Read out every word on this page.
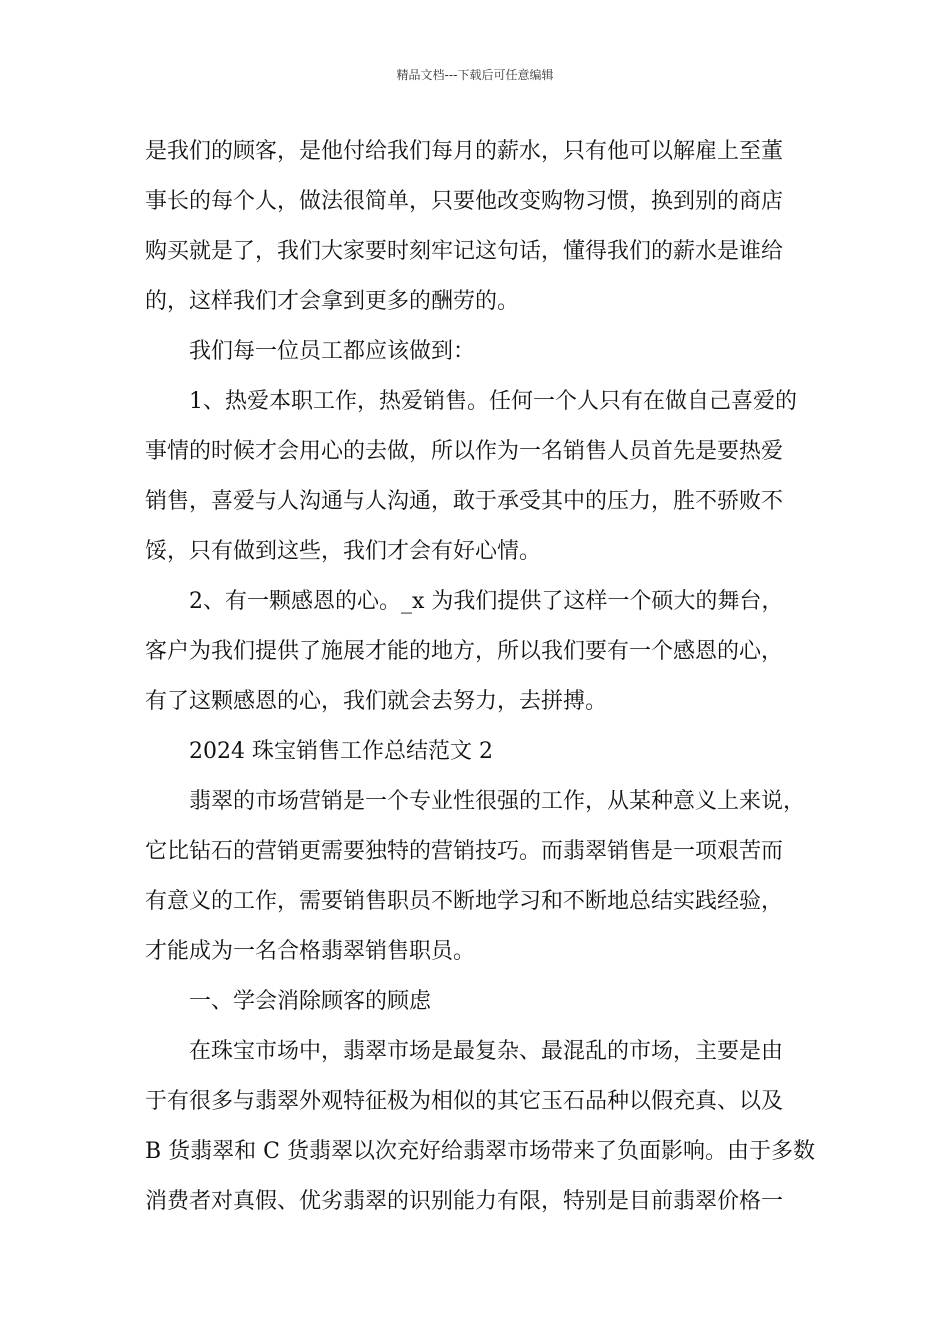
精品文档---下载后可任意编辑
是我们的顾客，是他付给我们每月的薪水，只有他可以解雇上至董
事长的每个人，做法很简单，只要他改变购物习惯，换到别的商店
购买就是了，我们大家要时刻牢记这句话，懂得我们的薪水是谁给
的，这样我们才会拿到更多的酬劳的。
我们每一位员工都应该做到：
1、热爱本职工作，热爱销售。任何一个人只有在做自己喜爱的
事情的时候才会用心的去做，所以作为一名销售人员首先是要热爱
销售，喜爱与人沟通与人沟通，敢于承受其中的压力，胜不骄败不
馁，只有做到这些，我们才会有好心情。
2、有一颗感恩的心。_x 为我们提供了这样一个硕大的舞台，
客户为我们提供了施展才能的地方，所以我们要有一个感恩的心，
有了这颗感恩的心，我们就会去努力，去拼搏。
2024 珠宝销售工作总结范文 2
翡翠的市场营销是一个专业性很强的工作，从某种意义上来说，
它比钻石的营销更需要独特的营销技巧。而翡翠销售是一项艰苦而
有意义的工作，需要销售职员不断地学习和不断地总结实践经验，
才能成为一名合格翡翠销售职员。
一、学会消除顾客的顾虑
在珠宝市场中，翡翠市场是最复杂、最混乱的市场，主要是由
于有很多与翡翠外观特征极为相似的其它玉石品种以假充真、以及
B 货翡翠和 C 货翡翠以次充好给翡翠市场带来了负面影响。由于多数
消费者对真假、优劣翡翠的识别能力有限，特别是目前翡翠价格一
